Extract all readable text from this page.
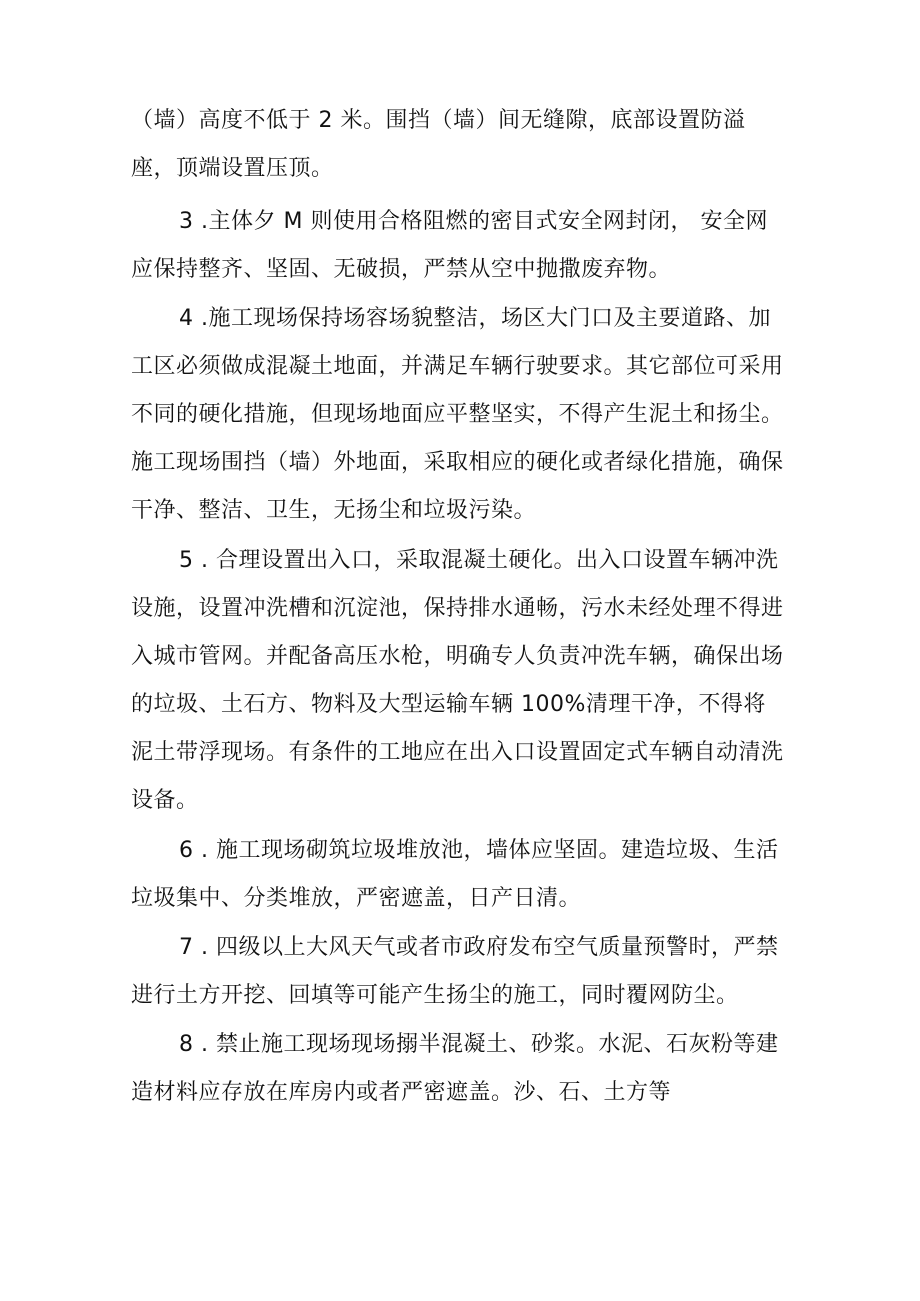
（墙）高度不低于 2 米。围挡（墙）间无缝隙，底部设置防溢
座，顶端设置压顶。
3 .主体夕 M 则使用合格阻燃的密目式安全网封闭， 安全网
应保持整齐、坚固、无破损，严禁从空中抛撒废弃物。
4 .施工现场保持场容场貌整洁，场区大门口及主要道路、加
工区必须做成混凝土地面，并满足车辆行驶要求。其它部位可采用
不同的硬化措施，但现场地面应平整坚实，不得产生泥土和扬尘。
施工现场围挡（墙）外地面，采取相应的硬化或者绿化措施，确保
干净、整洁、卫生，无扬尘和垃圾污染。
5 . 合理设置出入口，采取混凝土硬化。出入口设置车辆冲洗
设施，设置冲洗槽和沉淀池，保持排水通畅，污水未经处理不得进
入城市管网。并配备高压水枪，明确专人负责冲洗车辆，确保出场
的垃圾、土石方、物料及大型运输车辆 100%清理干净，不得将
泥土带浮现场。有条件的工地应在出入口设置固定式车辆自动清洗
设备。
6 . 施工现场砌筑垃圾堆放池，墙体应坚固。建造垃圾、生活
垃圾集中、分类堆放，严密遮盖，日产日清。
7 . 四级以上大风天气或者市政府发布空气质量预警时，严禁
进行土方开挖、回填等可能产生扬尘的施工，同时覆网防尘。
8 . 禁止施工现场现场搦半混凝土、砂浆。水泥、石灰粉等建
造材料应存放在库房内或者严密遮盖。沙、石、土方等
